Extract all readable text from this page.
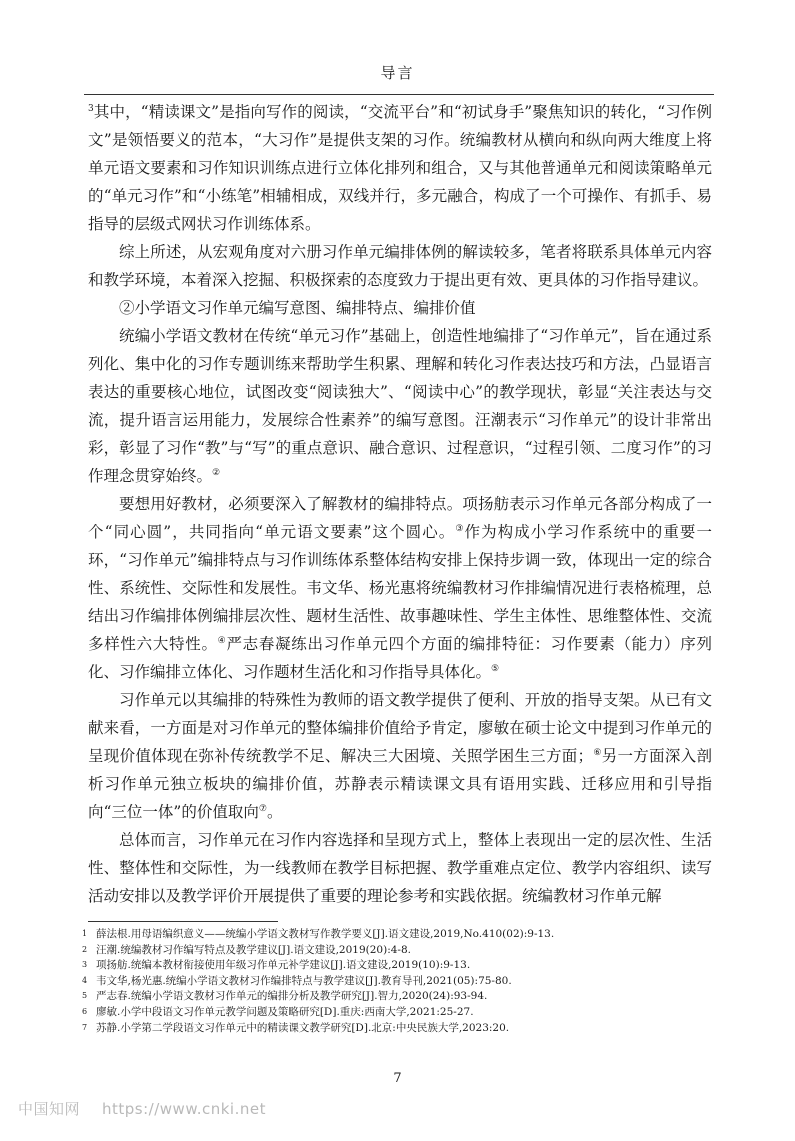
导言

$^3$其中，“精读课文”是指向写作的阅读，“交流平台”和“初试身手”聚焦知识的转化，“习作例文”是领悟要义的范本，“大习作”是提供支架的习作。统编教材从横向和纵向两大维度上将单元语文要素和习作知识训练点进行立体化排列和组合，又与其他普通单元和阅读策略单元的“单元习作”和“小练笔”相辅相成，双线并行，多元融合，构成了一个可操作、有抓手、易指导的层级式网状习作训练体系。

综上所述，从宏观角度对六册习作单元编排体例的解读较多，笔者将联系具体单元内容和教学环境，本着深入挖掘、积极探索的态度致力于提出更有效、更具体的习作指导建议。

②小学语文习作单元编写意图、编排特点、编排价值

统编小学语文教材在传统“单元习作”基础上，创造性地编排了“习作单元”，旨在通过系列化、集中化的习作专题训练来帮助学生积累、理解和转化习作表达技巧和方法，凸显语言表达的重要核心地位，试图改变“阅读独大”、“阅读中心”的教学现状，彰显“关注表达与交流，提升语言运用能力，发展综合性素养”的编写意图。汪潮表示“习作单元”的设计非常出彩，彰显了习作“教”与“写”的重点意识、融合意识、过程意识，“过程引领、二度习作”的习作理念贯穿始终。②

要想用好教材，必须要深入了解教材的编排特点。项扬舫表示习作单元各部分构成了一个“同心圆”，共同指向“单元语文要素”这个圆心。③作为构成小学习作系统中的重要一环，“习作单元”编排特点与习作训练体系整体结构安排上保持步调一致，体现出一定的综合性、系统性、交际性和发展性。韦文华、杨光惠将统编教材习作排编情况进行表格梳理，总结出习作编排体例编排层次性、题材生活性、故事趣味性、学生主体性、思维整体性、交流多样性六大特性。④严志春凝练出习作单元四个方面的编排特征：习作要素（能力）序列化、习作编排立体化、习作题材生活化和习作指导具体化。⑤

习作单元以其编排的特殊性为教师的语文教学提供了便利、开放的指导支架。从已有文献来看，一方面是对习作单元的整体编排价值给予肯定，廖敏在硕士论文中提到习作单元的呈现价值体现在弥补传统教学不足、解决三大困境、关照学困生三方面；⑥另一方面深入剖析习作单元独立板块的编排价值，苏静表示精读课文具有语用实践、迁移应用和引导指向“三位一体”的价值取向⑦。

总体而言，习作单元在习作内容选择和呈现方式上，整体上表现出一定的层次性、生活性、整体性和交际性，为一线教师在教学目标把握、教学重难点定位、教学内容组织、读写活动安排以及教学评价开展提供了重要的理论参考和实践依据。统编教材习作单元解

1 薛法根.用母语编织意义——统编小学语文教材写作教学要义[J].语文建设,2019,No.410(02):9-13.
2 汪潮.统编教材习作编写特点及教学建议[J].语文建设,2019(20):4-8.
3 项扬舫.统编本教材衔接使用年级习作单元补学建议[J].语文建设,2019(10):9-13.
4 韦文华,杨光惠.统编小学语文教材习作编排特点与教学建议[J].教育导刊,2021(05):75-80.
5 严志春.统编小学语文教材习作单元的编排分析及教学研究[J].智力,2020(24):93-94.
6 廖敏.小学中段语文习作单元教学问题及策略研究[D].重庆:西南大学,2021:25-27.
7 苏静.小学第二学段语文习作单元中的精读课文教学研究[D].北京:中央民族大学,2023:20.
7
中国知网 https://www.cnki.net
